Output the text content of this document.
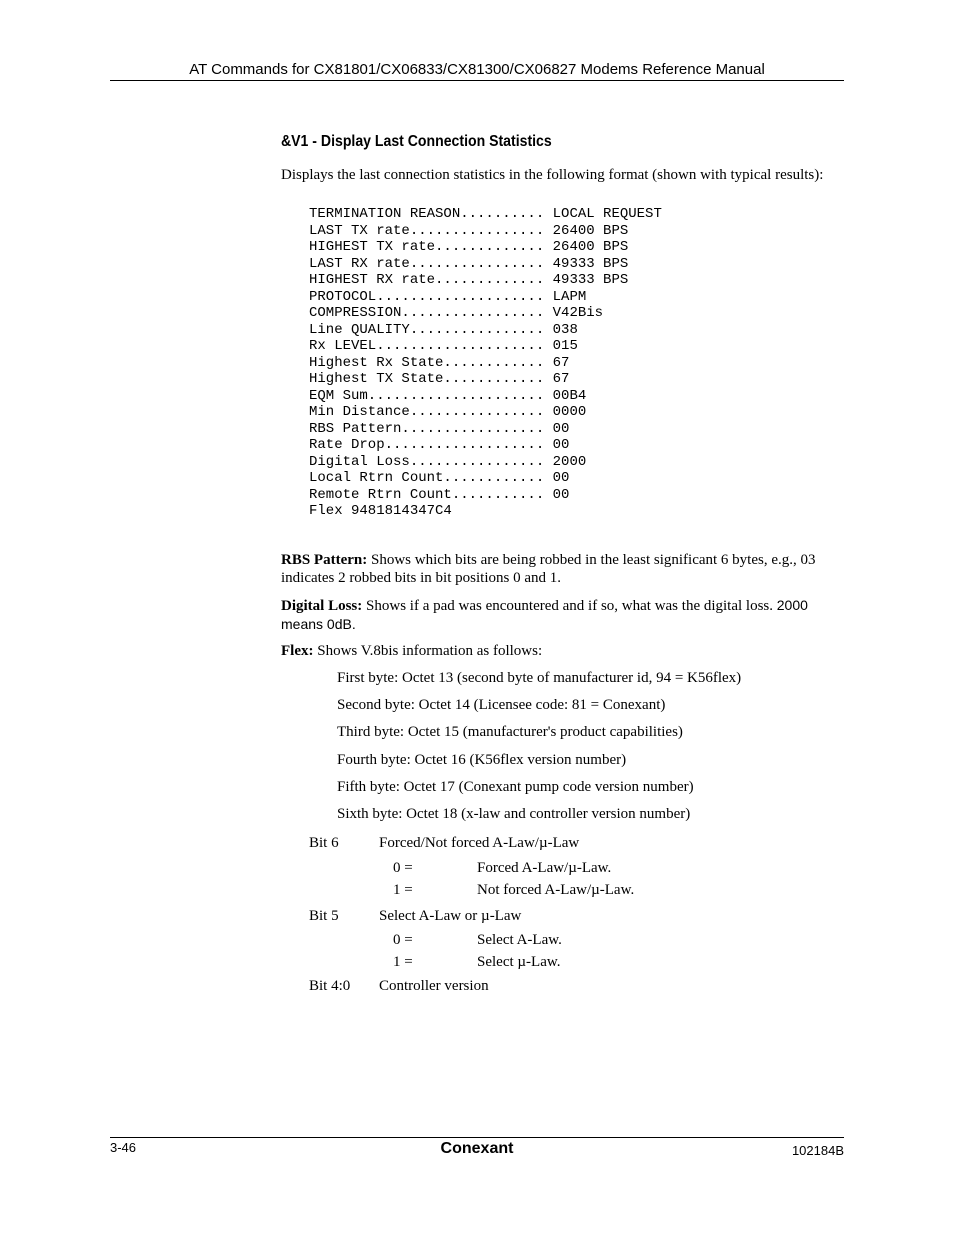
AT Commands for CX81801/CX06833/CX81300/CX06827 Modems Reference Manual
&V1 - Display Last Connection Statistics
Displays the last connection statistics in the following format (shown with typical results):
TERMINATION REASON.......... LOCAL REQUEST
LAST TX rate................ 26400 BPS
HIGHEST TX rate............. 26400 BPS
LAST RX rate................ 49333 BPS
HIGHEST RX rate............. 49333 BPS
PROTOCOL.................... LAPM
COMPRESSION................. V42Bis
Line QUALITY................ 038
Rx LEVEL.................... 015
Highest Rx State............ 67
Highest TX State............ 67
EQM Sum..................... 00B4
Min Distance................ 0000
RBS Pattern................. 00
Rate Drop................... 00
Digital Loss................ 2000
Local Rtrn Count............ 00
Remote Rtrn Count........... 00
Flex 9481814347C4
RBS Pattern: Shows which bits are being robbed in the least significant 6 bytes, e.g., 03 indicates 2 robbed bits in bit positions 0 and 1.
Digital Loss: Shows if a pad was encountered and if so, what was the digital loss. 2000 means 0dB.
Flex: Shows V.8bis information as follows:
First byte: Octet 13 (second byte of manufacturer id, 94 = K56flex)
Second byte: Octet 14 (Licensee code: 81 = Conexant)
Third byte: Octet 15 (manufacturer's product capabilities)
Fourth byte: Octet 16 (K56flex version number)
Fifth byte: Octet 17 (Conexant pump code version number)
Sixth byte: Octet 18 (x-law and controller version number)
Bit 6	Forced/Not forced A-Law/µ-Law
0 =	Forced A-Law/µ-Law.
1 =	Not forced A-Law/µ-Law.
Bit 5	Select A-Law or µ-Law
0 =	Select A-Law.
1 =	Select µ-Law.
Bit 4:0 Controller version
3-46	Conexant	102184B
